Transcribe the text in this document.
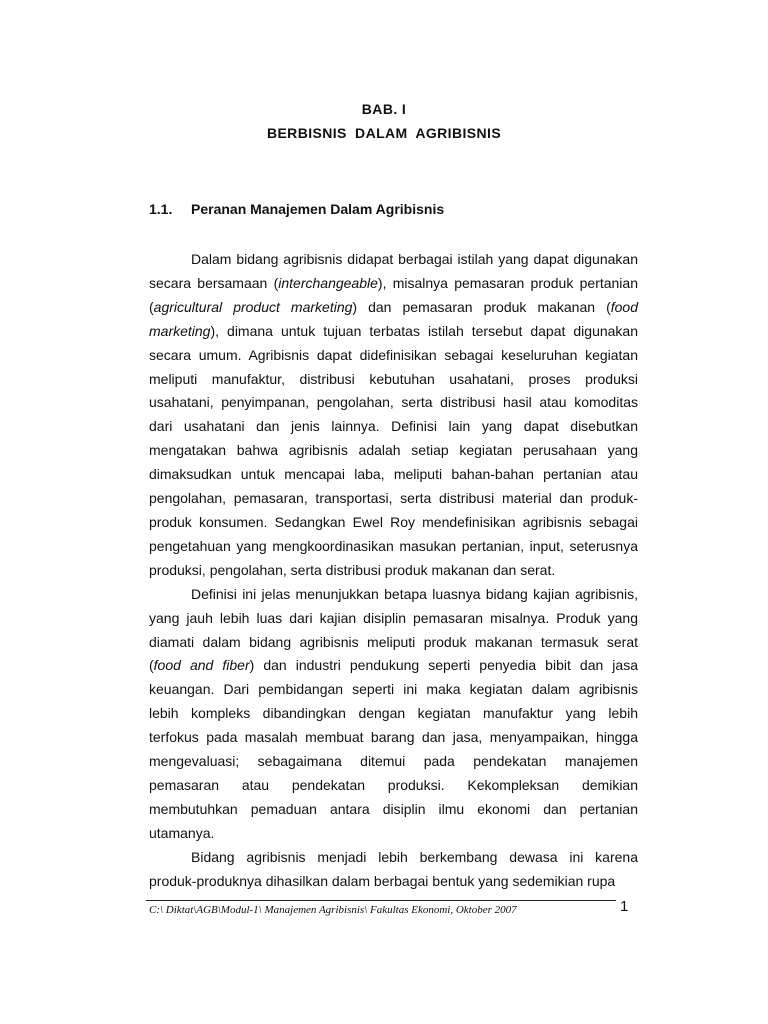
BAB. I
BERBISNIS DALAM AGRIBISNIS
1.1. Peranan Manajemen Dalam Agribisnis

Dalam bidang agribisnis didapat berbagai istilah yang dapat digunakan

secara bersamaan (interchangeable), misalnya pemasaran produk pertanian

(agricultural product marketing) dan pemasaran produk makanan (food

marketing), dimana untuk tujuan terbatas istilah tersebut dapat digunakan

secara umum. Agribisnis dapat didefinisikan sebagai keseluruhan kegiatan

meliputi manufaktur, distribusi kebutuhan usahatani, proses produksi

usahatani, penyimpanan, pengolahan, serta distribusi hasil atau komoditas

dari usahatani dan jenis lainnya. Definisi lain yang dapat disebutkan

mengatakan bahwa agribisnis adalah setiap kegiatan perusahaan yang

dimaksudkan untuk mencapai laba, meliputi bahan-bahan pertanian atau

pengolahan, pemasaran, transportasi, serta distribusi material dan produk-

produk konsumen. Sedangkan Ewel Roy mendefinisikan agribisnis sebagai

pengetahuan yang mengkoordinasikan masukan pertanian, input, seterusnya

produksi, pengolahan, serta distribusi produk makanan dan serat.

Definisi ini jelas menunjukkan betapa luasnya bidang kajian agribisnis,

yang jauh lebih luas dari kajian disiplin pemasaran misalnya. Produk yang

diamati dalam bidang agribisnis meliputi produk makanan termasuk serat

(food and fiber) dan industri pendukung seperti penyedia bibit dan jasa

keuangan. Dari pembidangan seperti ini maka kegiatan dalam agribisnis

lebih kompleks dibandingkan dengan kegiatan manufaktur yang lebih

terfokus pada masalah membuat barang dan jasa, menyampaikan, hingga

mengevaluasi; sebagaimana ditemui pada pendekatan manajemen

pemasaran atau pendekatan produksi. Kekompleksan demikian

membutuhkan pemaduan antara disiplin ilmu ekonomi dan pertanian

utamanya.

Bidang agribisnis menjadi lebih berkembang dewasa ini karena

produk-produknya dihasilkan dalam berbagai bentuk yang sedemikian rupa

C:\ Diktat\AGB\Modul-1\ Manajemen Agribisnis\ Fakultas Ekonomi, Oktober 2007	1
